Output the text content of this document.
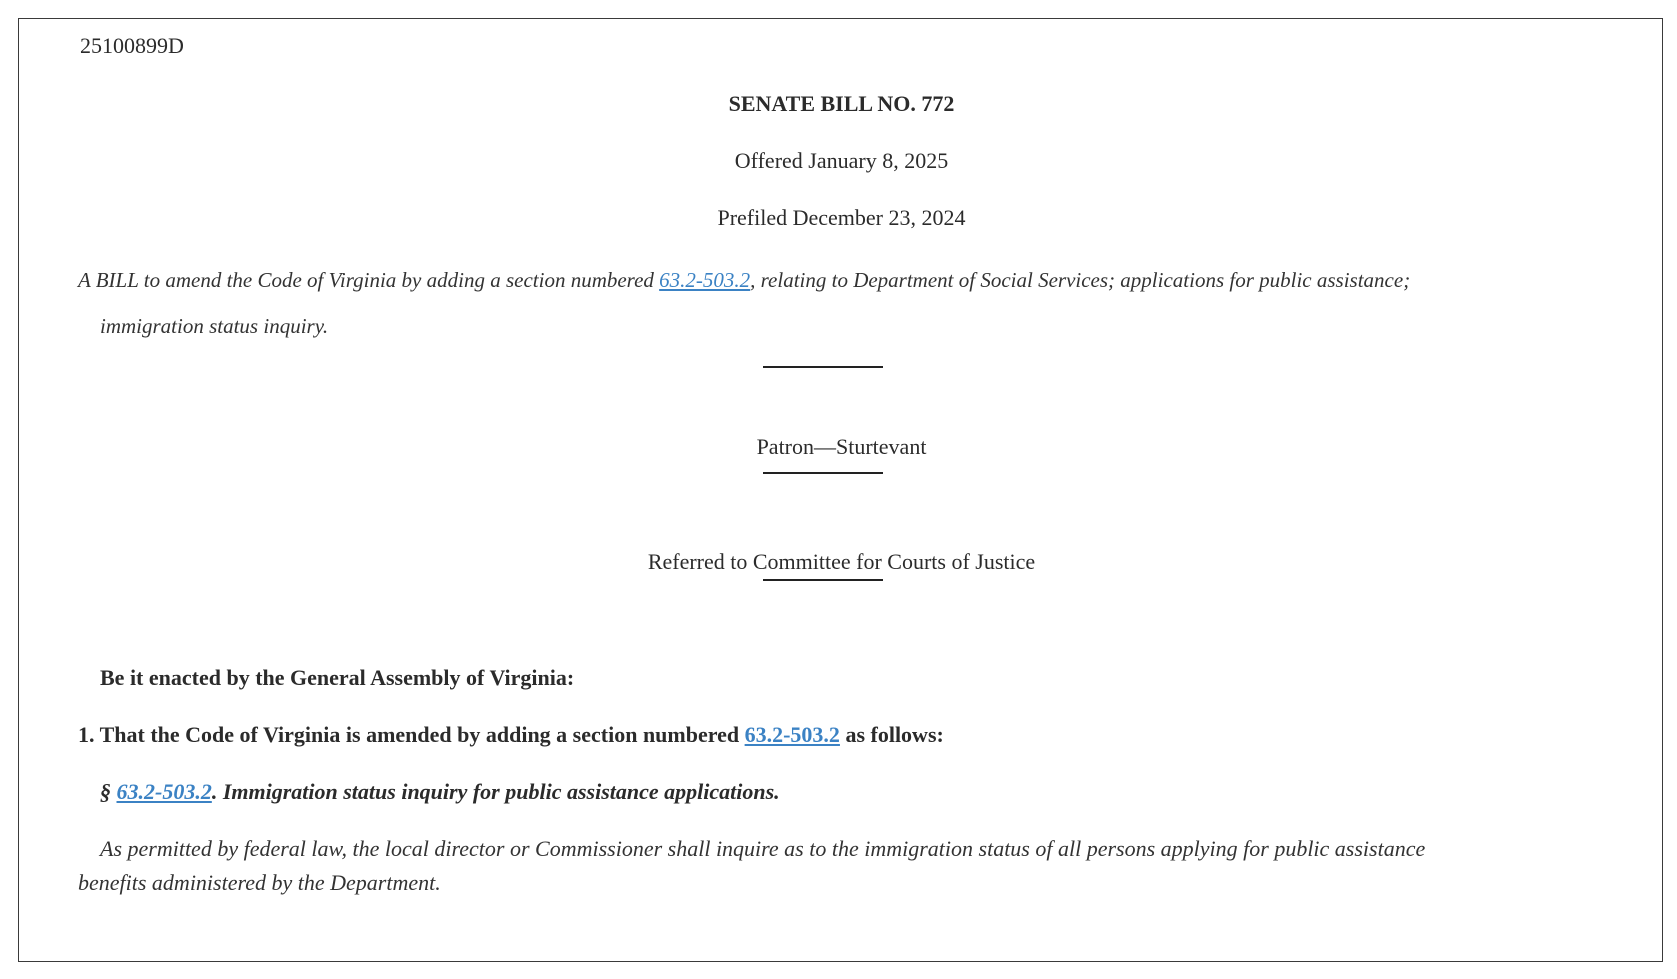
25100899D
SENATE BILL NO. 772
Offered January 8, 2025
Prefiled December 23, 2024
A BILL to amend the Code of Virginia by adding a section numbered 63.2-503.2, relating to Department of Social Services; applications for public assistance;
immigration status inquiry.
Patron—Sturtevant
Referred to Committee for Courts of Justice
Be it enacted by the General Assembly of Virginia:
1. That the Code of Virginia is amended by adding a section numbered 63.2-503.2 as follows:
§ 63.2-503.2. Immigration status inquiry for public assistance applications.
As permitted by federal law, the local director or Commissioner shall inquire as to the immigration status of all persons applying for public assistance
benefits administered by the Department.
